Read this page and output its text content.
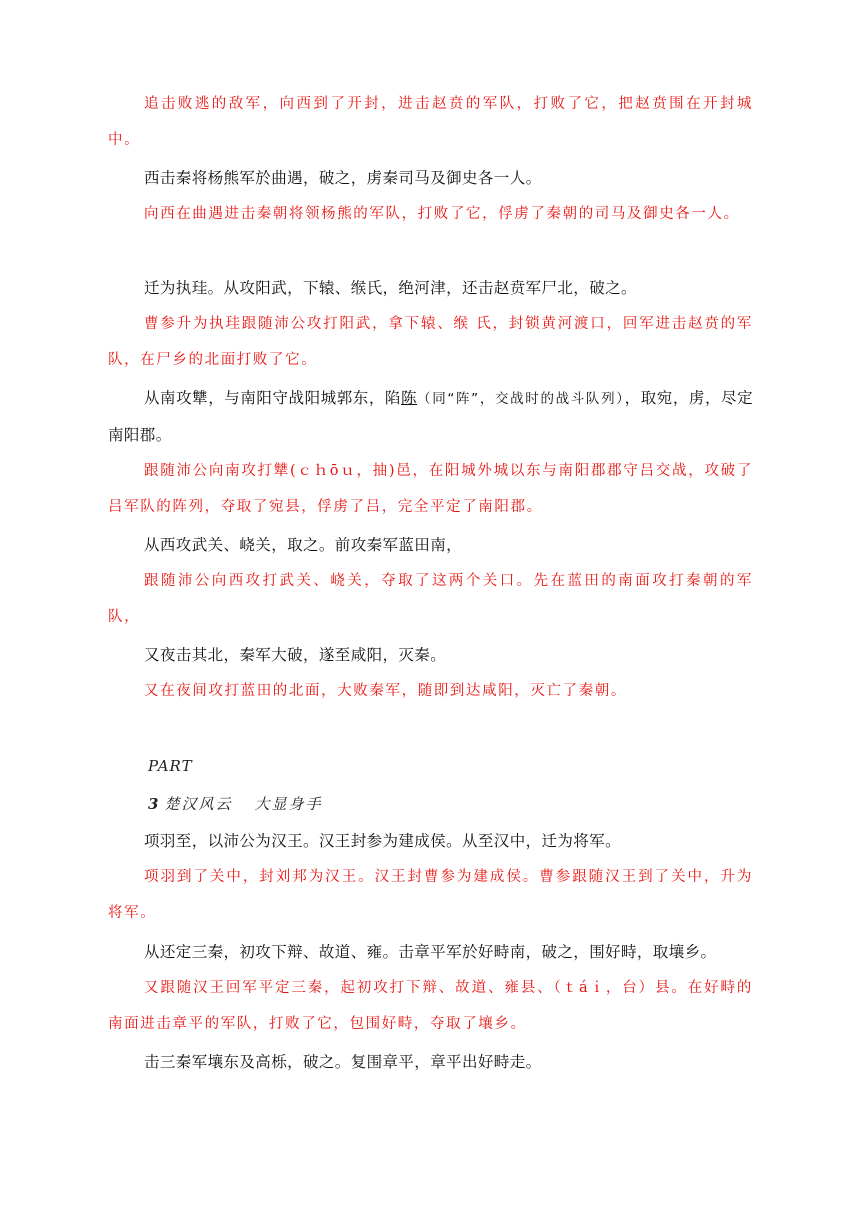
追击败逃的敌军，向西到了开封，进击赵贲的军队，打败了它，把赵贲围在开封城中。

西击秦将杨熊军於曲遇，破之，虏秦司马及御史各一人。

向西在曲遇进击秦朝将领杨熊的军队，打败了它，俘虏了秦朝的司马及御史各一人。

迁为执珪。从攻阳武，下辕、缑氏，绝河津，还击赵贲军尸北，破之。

曹参升为执珪跟随沛公攻打阳武，拿下辕、缑 氏，封锁黄河渡口，回军进击赵贲的军队，在尸乡的北面打败了它。

从南攻犨，与南阳守战阳城郭东，陷陈（同“阵”，交战时的战斗队列），取宛，虏，尽定南阳郡。

跟随沛公向南攻打犨(ｃｈōｕ，抽)邑，在阳城外城以东与南阳郡郡守吕交战，攻破了吕军队的阵列，夺取了宛县，俘虏了吕，完全平定了南阳郡。

从西攻武关、峣关，取之。前攻秦军蓝田南，

跟随沛公向西攻打武关、峣关，夺取了这两个关口。先在蓝田的南面攻打秦朝的军队，

又夜击其北，秦军大破，遂至咸阳，灭秦。

又在夜间攻打蓝田的北面，大败秦军，随即到达咸阳，灭亡了秦朝。

PART
3 楚汉风云 大显身手

项羽至，以沛公为汉王。汉王封参为建成侯。从至汉中，迁为将军。

项羽到了关中，封刘邦为汉王。汉王封曹参为建成侯。曹参跟随汉王到了关中，升为将军。

从还定三秦，初攻下辩、故道、雍。击章平军於好畤南，破之，围好畤，取壤乡。

又跟随汉王回军平定三秦，起初攻打下辩、故道、雍县、（ｔáｉ，台）县。在好畤的南面进击章平的军队，打败了它，包围好畤，夺取了壤乡。

击三秦军壤东及高栎，破之。复围章平，章平出好畤走。
